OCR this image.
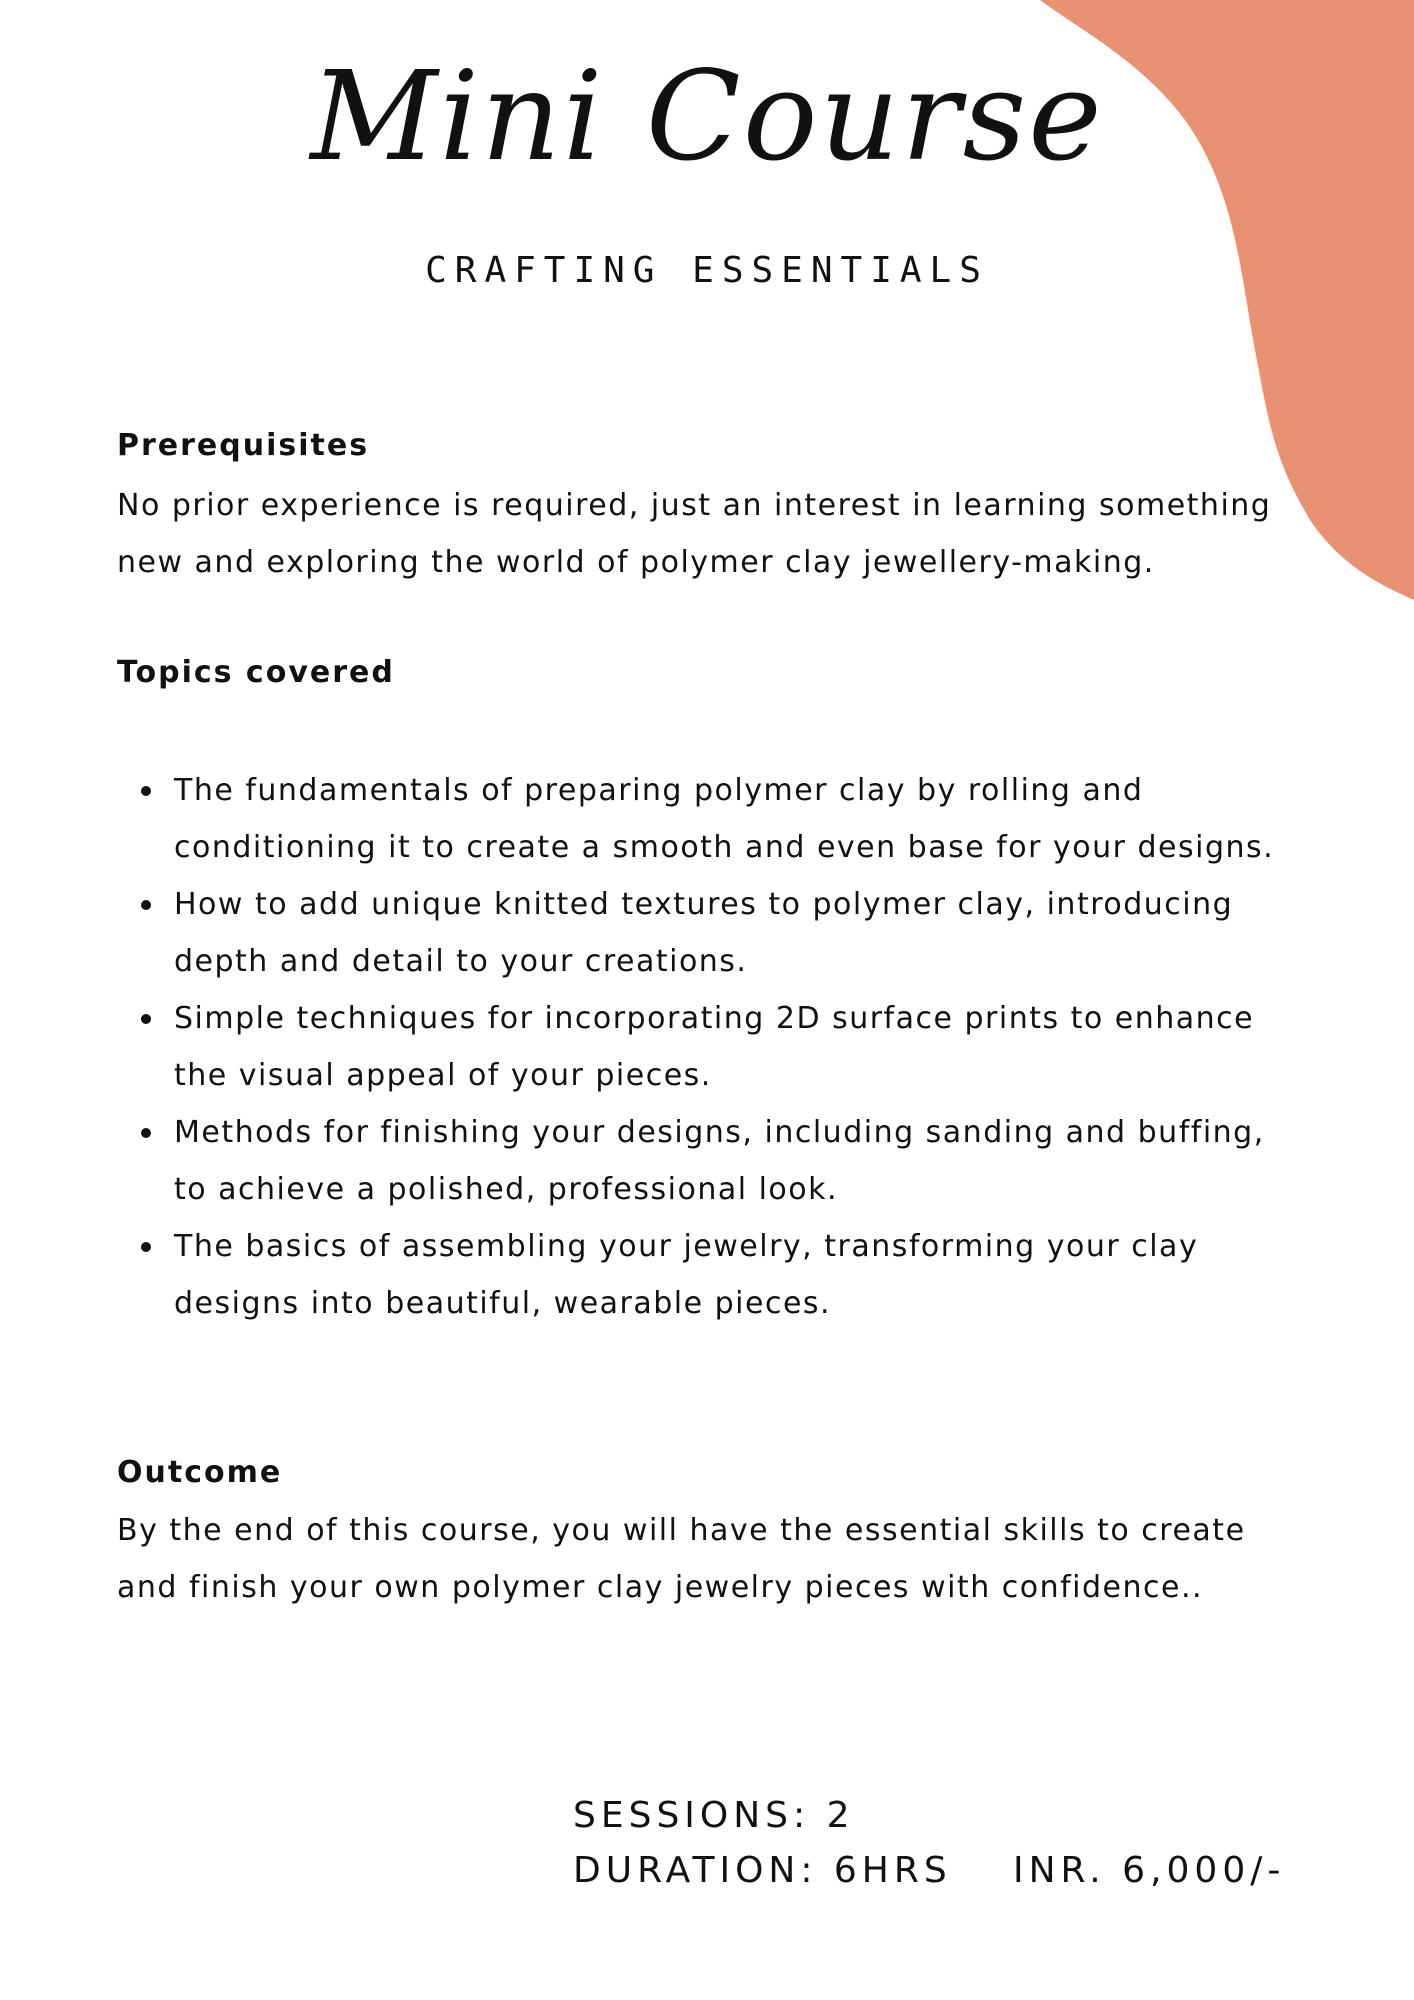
Mini Course
CRAFTING ESSENTIALS
Prerequisites
No prior experience is required, just an interest in learning something new and exploring the world of polymer clay jewellery-making.
Topics covered
The fundamentals of preparing polymer clay by rolling and conditioning it to create a smooth and even base for your designs.
How to add unique knitted textures to polymer clay, introducing depth and detail to your creations.
Simple techniques for incorporating 2D surface prints to enhance the visual appeal of your pieces.
Methods for finishing your designs, including sanding and buffing, to achieve a polished, professional look.
The basics of assembling your jewelry, transforming your clay designs into beautiful, wearable pieces.
Outcome
By the end of this course, you will have the essential skills to create and finish your own polymer clay jewelry pieces with confidence..
SESSIONS: 2
DURATION: 6HRS INR. 6,000/-
